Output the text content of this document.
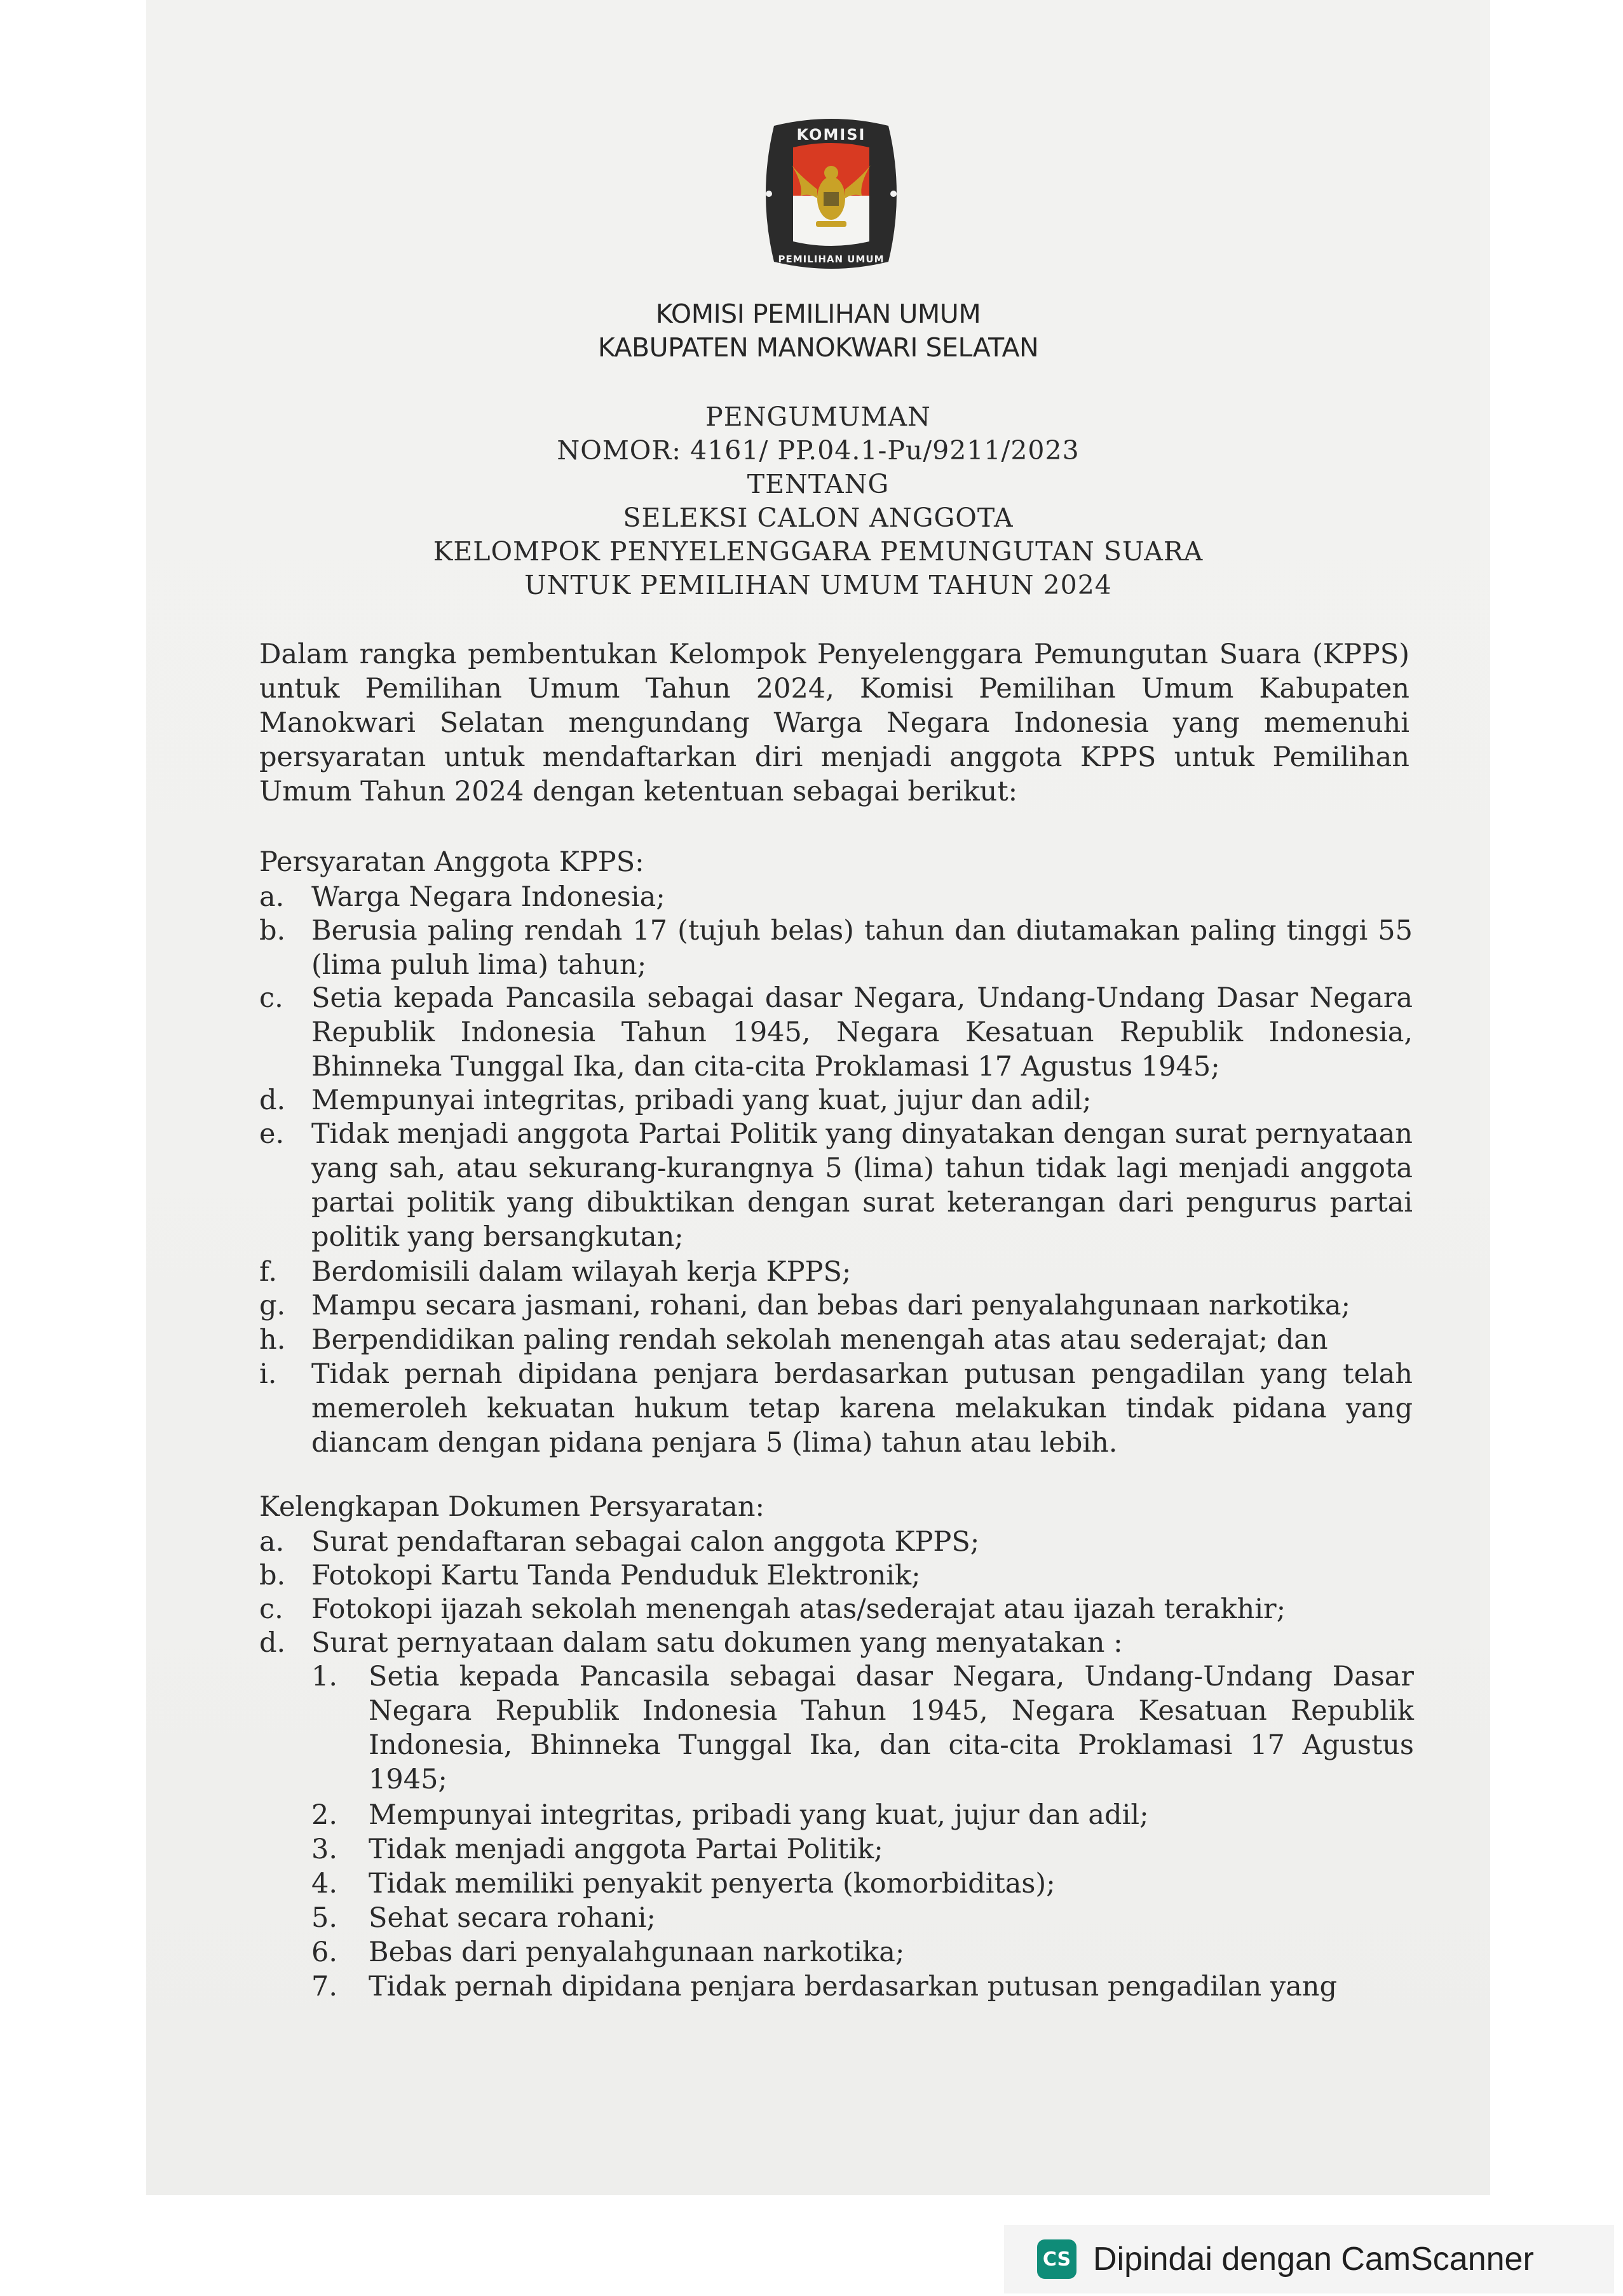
KOMISI
PEMILIHAN UMUM
KOMISI PEMILIHAN UMUM
KABUPATEN MANOKWARI SELATAN
PENGUMUMAN
NOMOR: 4161/ PP.04.1-Pu/9211/2023
TENTANG
SELEKSI CALON ANGGOTA
KELOMPOK PENYELENGGARA PEMUNGUTAN SUARA
UNTUK PEMILIHAN UMUM TAHUN 2024
Dalam rangka pembentukan Kelompok Penyelenggara Pemungutan Suara (KPPS) untuk Pemilihan Umum Tahun 2024, Komisi Pemilihan Umum Kabupaten Manokwari Selatan mengundang Warga Negara Indonesia yang memenuhi persyaratan untuk mendaftarkan diri menjadi anggota KPPS untuk Pemilihan Umum Tahun 2024 dengan ketentuan sebagai berikut:
Persyaratan Anggota KPPS:
a. Warga Negara Indonesia;
b. Berusia paling rendah 17 (tujuh belas) tahun dan diutamakan paling tinggi 55 (lima puluh lima) tahun;
c.	Setia kepada Pancasila sebagai dasar Negara, Undang-Undang Dasar Negara Republik Indonesia Tahun 1945, Negara Kesatuan Republik Indonesia, Bhinneka Tunggal Ika, dan cita-cita Proklamasi 17 Agustus 1945;
d. Mempunyai integritas, pribadi yang kuat, jujur dan adil;
e. Tidak menjadi anggota Partai Politik yang dinyatakan dengan surat pernyataan yang sah, atau sekurang-kurangnya 5 (lima) tahun tidak lagi menjadi anggota partai politik yang dibuktikan dengan surat keterangan dari pengurus partai politik yang bersangkutan;
f.	Berdomisili dalam wilayah kerja KPPS;
g. Mampu secara jasmani, rohani, dan bebas dari penyalahgunaan narkotika;
h. Berpendidikan paling rendah sekolah menengah atas atau sederajat; dan
i.	Tidak pernah dipidana penjara berdasarkan putusan pengadilan yang telah memeroleh kekuatan hukum tetap karena melakukan tindak pidana yang diancam dengan pidana penjara 5 (lima) tahun atau lebih.
Kelengkapan Dokumen Persyaratan:
a. Surat pendaftaran sebagai calon anggota KPPS;
b. Fotokopi Kartu Tanda Penduduk Elektronik;
c.	Fotokopi ijazah sekolah menengah atas/sederajat atau ijazah terakhir;
d. Surat pernyataan dalam satu dokumen yang menyatakan :
1.	Setia kepada Pancasila sebagai dasar Negara, Undang-Undang Dasar Negara Republik Indonesia Tahun 1945, Negara Kesatuan Republik Indonesia, Bhinneka Tunggal Ika, dan cita-cita Proklamasi 17 Agustus 1945;
2.	Mempunyai integritas, pribadi yang kuat, jujur dan adil;
3.	Tidak menjadi anggota Partai Politik;
4.	Tidak memiliki penyakit penyerta (komorbiditas);
5.	Sehat secara rohani;
6.	Bebas dari penyalahgunaan narkotika;
7.	Tidak pernah dipidana penjara berdasarkan putusan pengadilan yang
CS Dipindai dengan CamScanner
